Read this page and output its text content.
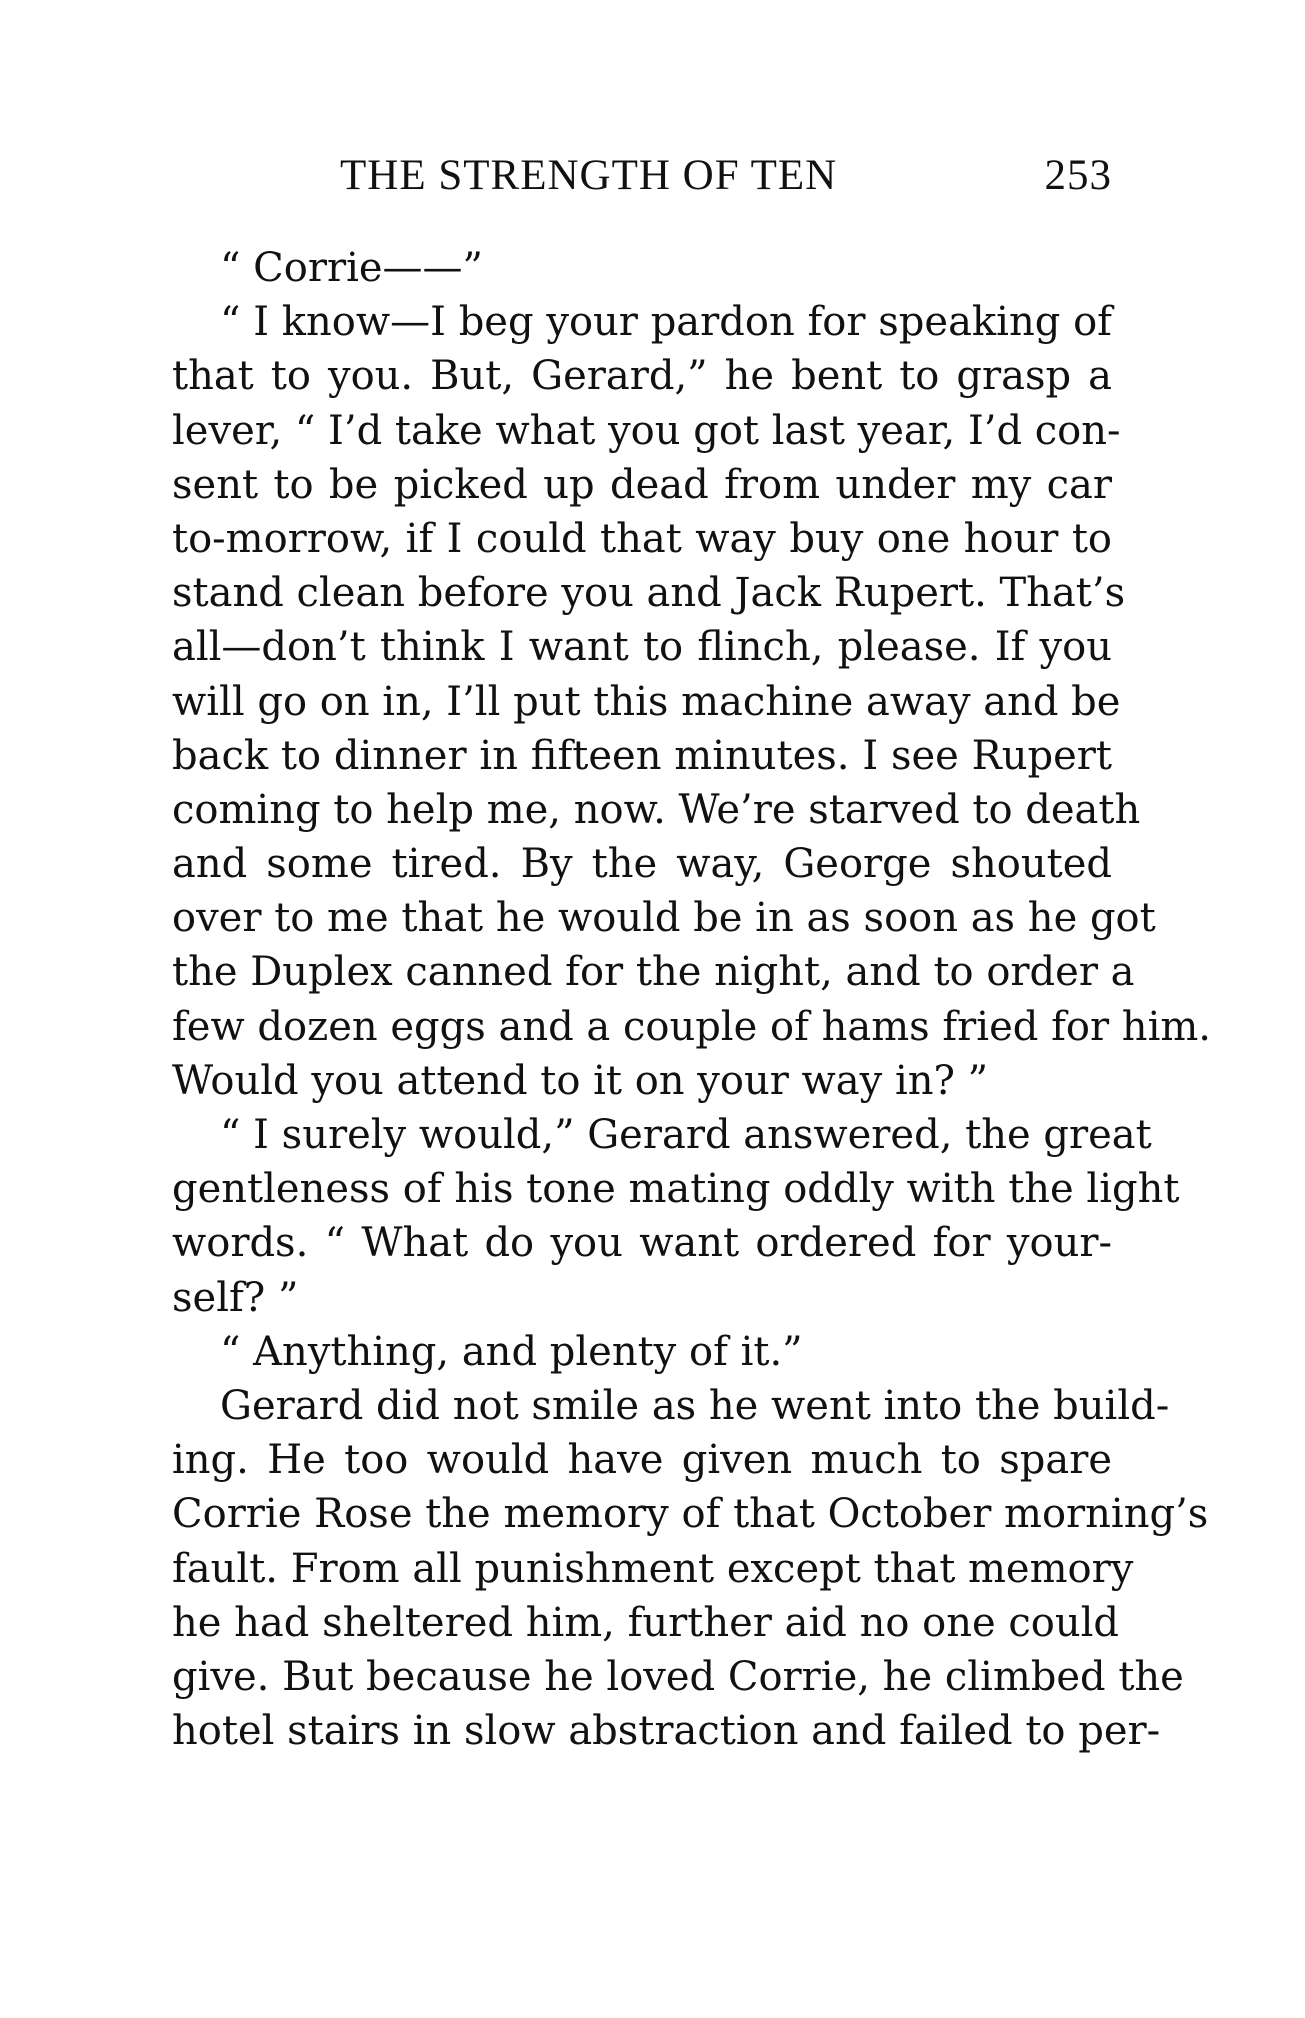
THE STRENGTH OF TEN	253
“ Corrie——”
“ I know—I beg your pardon for speaking of
that to you. But, Gerard,” he bent to grasp a
lever, “ I’d take what you got last year, I’d con-
sent to be picked up dead from under my car
to-morrow, if I could that way buy one hour to
stand clean before you and Jack Rupert. That’s
all—don’t think I want to flinch, please. If you
will go on in, I’ll put this machine away and be
back to dinner in fifteen minutes. I see Rupert
coming to help me, now. We’re starved to death
and some tired. By the way, George shouted
over to me that he would be in as soon as he got
the Duplex canned for the night, and to order a
few dozen eggs and a couple of hams fried for him.
Would you attend to it on your way in? ”
“ I surely would,” Gerard answered, the great
gentleness of his tone mating oddly with the light
words. “ What do you want ordered for your-
self? ”
“ Anything, and plenty of it.”
Gerard did not smile as he went into the build-
ing. He too would have given much to spare
Corrie Rose the memory of that October morning’s
fault. From all punishment except that memory
he had sheltered him, further aid no one could
give. But because he loved Corrie, he climbed the
hotel stairs in slow abstraction and failed to per-
